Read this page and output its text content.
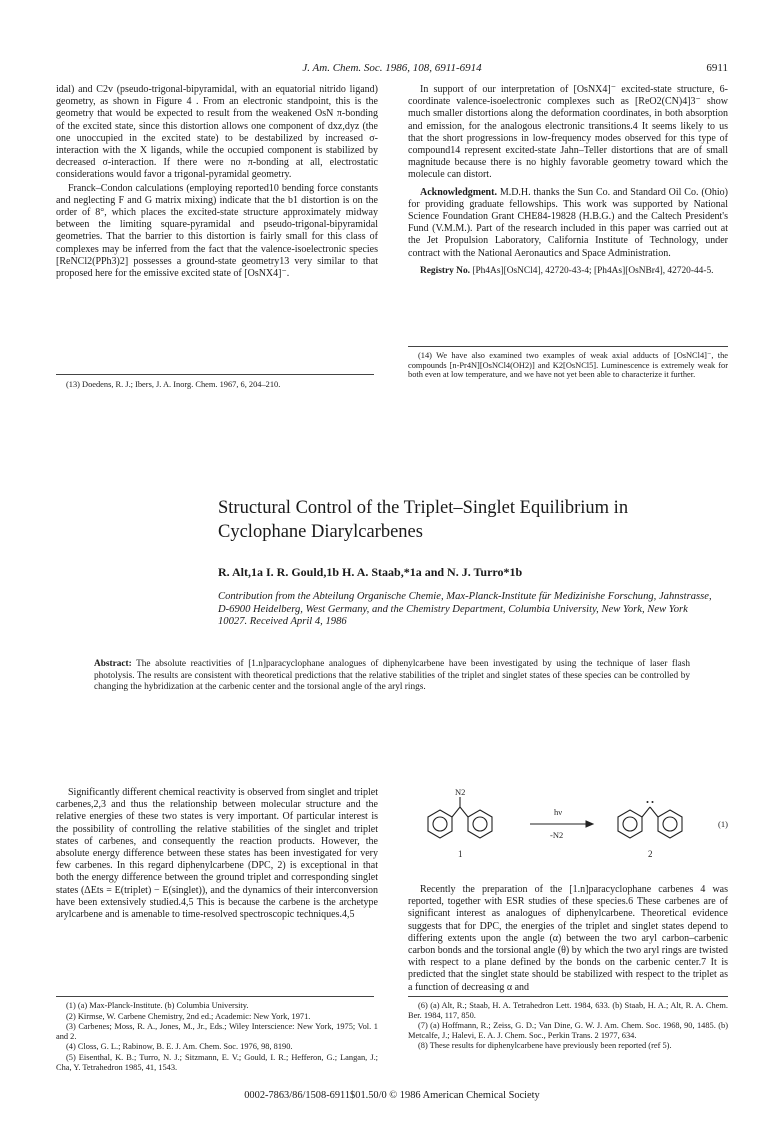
J. Am. Chem. Soc. 1986, 108, 6911-6914	6911

idal) and C2v (pseudo-trigonal-bipyramidal, with an equatorial nitrido ligand) geometry, as shown in Figure 4 . From an electronic standpoint, this is the geometry that would be expected to result from the weakened OsN π-bonding of the excited state, since this distortion allows one component of dxz,dyz (the one unoccupied in the excited state) to be destabilized by increased σ-interaction with the X ligands, while the occupied component is stabilized by decreased σ-interaction. If there were no π-bonding at all, electrostatic considerations would favor a trigonal-pyramidal geometry.

Franck–Condon calculations (employing reported10 bending force constants and neglecting F and G matrix mixing) indicate that the b1 distortion is on the order of 8°, which places the excited-state structure approximately midway between the limiting square-pyramidal and pseudo-trigonal-bipyramidal geometries. That the barrier to this distortion is fairly small for this class of complexes may be inferred from the fact that the valence-isoelectronic species [ReNCl2(PPh3)2] possesses a ground-state geometry13 very similar to that proposed here for the emissive excited state of [OsNX4]⁻.

(13) Doedens, R. J.; Ibers, J. A. Inorg. Chem. 1967, 6, 204–210.

In support of our interpretation of [OsNX4]⁻ excited-state structure, 6-coordinate valence-isoelectronic complexes such as [ReO2(CN)4]3⁻ show much smaller distortions along the deformation coordinates, in both absorption and emission, for the analogous electronic transitions.4 It seems likely to us that the short progressions in low-frequency modes observed for this type of compound14 represent excited-state Jahn–Teller distortions that are of small magnitude because there is no highly favorable geometry toward which the molecule can distort.

Acknowledgment. M.D.H. thanks the Sun Co. and Standard Oil Co. (Ohio) for providing graduate fellowships. This work was supported by National Science Foundation Grant CHE84-19828 (H.B.G.) and the Caltech President's Fund (V.M.M.). Part of the research included in this paper was carried out at the Jet Propulsion Laboratory, California Institute of Technology, under contract with the National Aeronautics and Space Administration.

Registry No. [Ph4As][OsNCl4], 42720-43-4; [Ph4As][OsNBr4], 42720-44-5.

(14) We have also examined two examples of weak axial adducts of [OsNCl4]⁻, the compounds [n-Pr4N][OsNCl4(OH2)] and K2[OsNCl5]. Luminescence is extremely weak for both even at low temperature, and we have not yet been able to characterize it further.

Structural Control of the Triplet–Singlet Equilibrium in
Cyclophane Diarylcarbenes
R. Alt,1a I. R. Gould,1b H. A. Staab,*1a and N. J. Turro*1b
Contribution from the Abteilung Organische Chemie, Max-Planck-Institute für Medizinishe Forschung, Jahnstrasse, D-6900 Heidelberg, West Germany, and the Chemistry Department, Columbia University, New York, New York 10027. Received April 4, 1986
Abstract: The absolute reactivities of [1.n]paracyclophane analogues of diphenylcarbene have been investigated by using the technique of laser flash photolysis. The results are consistent with theoretical predictions that the relative stabilities of the triplet and singlet states of these species can be controlled by changing the hybridization at the carbenic center and the torsional angle of the aryl rings.

Significantly different chemical reactivity is observed from singlet and triplet carbenes,2,3 and thus the relationship between molecular structure and the relative energies of these two states is very important. Of particular interest is the possibility of controlling the relative stabilities of the singlet and triplet states of carbenes, and consequently the reaction products. However, the absolute energy difference between these states has been investigated for very few carbenes. In this regard diphenylcarbene (DPC, 2) is exceptional in that both the energy difference between the ground triplet and corresponding singlet states (ΔEts = E(triplet) − E(singlet)), and the dynamics of their interconversion have been extensively studied.4,5 This is because the carbene is the archetype arylcarbene and is amenable to time-resolved spectroscopic techniques.4,5

N2
1
hν
-N2
2
(1)

Recently the preparation of the [1.n]paracyclophane carbenes 4 was reported, together with ESR studies of these species.6 These carbenes are of significant interest as analogues of diphenylcarbene. Theoretical evidence suggests that for DPC, the energies of the triplet and singlet states depend to differing extents upon the angle (α) between the two aryl carbon–carbenic carbon bonds and the torsional angle (θ) by which the two aryl rings are twisted with respect to a plane defined by the bonds on the carbenic center.7 It is predicted that the singlet state should be stabilized with respect to the triplet as a function of decreasing α and

(1) (a) Max-Planck-Institute. (b) Columbia University.

(2) Kirmse, W. Carbene Chemistry, 2nd ed.; Academic: New York, 1971.

(3) Carbenes; Moss, R. A., Jones, M., Jr., Eds.; Wiley Interscience: New York, 1975; Vol. 1 and 2.

(4) Closs, G. L.; Rabinow, B. E. J. Am. Chem. Soc. 1976, 98, 8190.

(5) Eisenthal, K. B.; Turro, N. J.; Sitzmann, E. V.; Gould, I. R.; Hefferon, G.; Langan, J.; Cha, Y. Tetrahedron 1985, 41, 1543.

(6) (a) Alt, R.; Staab, H. A. Tetrahedron Lett. 1984, 633. (b) Staab, H. A.; Alt, R. A. Chem. Ber. 1984, 117, 850.

(7) (a) Hoffmann, R.; Zeiss, G. D.; Van Dine, G. W. J. Am. Chem. Soc. 1968, 90, 1485. (b) Metcalfe, J.; Halevi, E. A. J. Chem. Soc., Perkin Trans. 2 1977, 634.

(8) These results for diphenylcarbene have previously been reported (ref 5).

0002-7863/86/1508-6911$01.50/0 © 1986 American Chemical Society
